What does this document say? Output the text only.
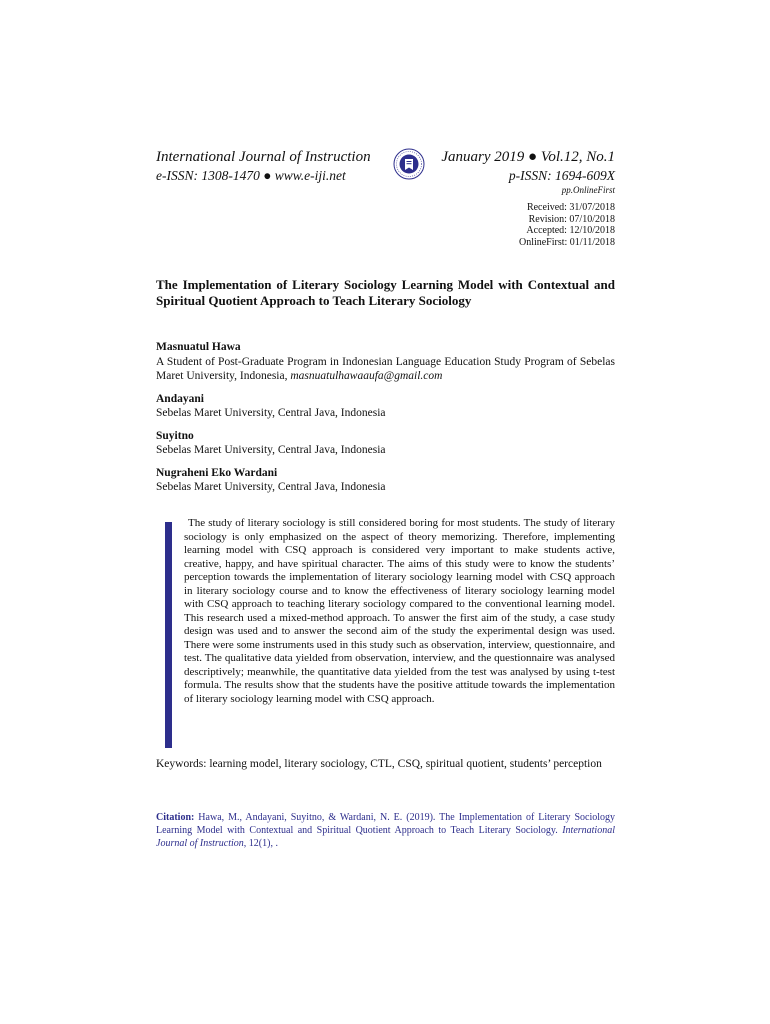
International Journal of Instruction
e-ISSN: 1308-1470 ● www.e-iji.net
January 2019 ● Vol.12, No.1
p-ISSN: 1694-609X
pp.OnlineFirst
Received: 31/07/2018
Revision: 07/10/2018
Accepted: 12/10/2018
OnlineFirst: 01/11/2018
The Implementation of Literary Sociology Learning Model with Contextual and Spiritual Quotient Approach to Teach Literary Sociology
Masnuatul Hawa
A Student of Post-Graduate Program in Indonesian Language Education Study Program of Sebelas Maret University, Indonesia, masnuatulhawaaufa@gmail.com
Andayani
Sebelas Maret University, Central Java, Indonesia
Suyitno
Sebelas Maret University, Central Java, Indonesia
Nugraheni Eko Wardani
Sebelas Maret University, Central Java, Indonesia
The study of literary sociology is still considered boring for most students. The study of literary sociology is only emphasized on the aspect of theory memorizing. Therefore, implementing learning model with CSQ approach is considered very important to make students active, creative, happy, and have spiritual character. The aims of this study were to know the students’ perception towards the implementation of literary sociology learning model with CSQ approach in literary sociology course and to know the effectiveness of literary sociology learning model with CSQ approach to teaching literary sociology compared to the conventional learning model. This research used a mixed-method approach. To answer the first aim of the study, a case study design was used and to answer the second aim of the study the experimental design was used. There were some instruments used in this study such as observation, interview, questionnaire, and test. The qualitative data yielded from observation, interview, and the questionnaire was analysed descriptively; meanwhile, the quantitative data yielded from the test was analysed by using t-test formula. The results show that the students have the positive attitude towards the implementation of literary sociology learning model with CSQ approach.
Keywords: learning model, literary sociology, CTL, CSQ, spiritual quotient, students’ perception
Citation: Hawa, M., Andayani, Suyitno, & Wardani, N. E. (2019). The Implementation of Literary Sociology Learning Model with Contextual and Spiritual Quotient Approach to Teach Literary Sociology. International Journal of Instruction, 12(1), .
